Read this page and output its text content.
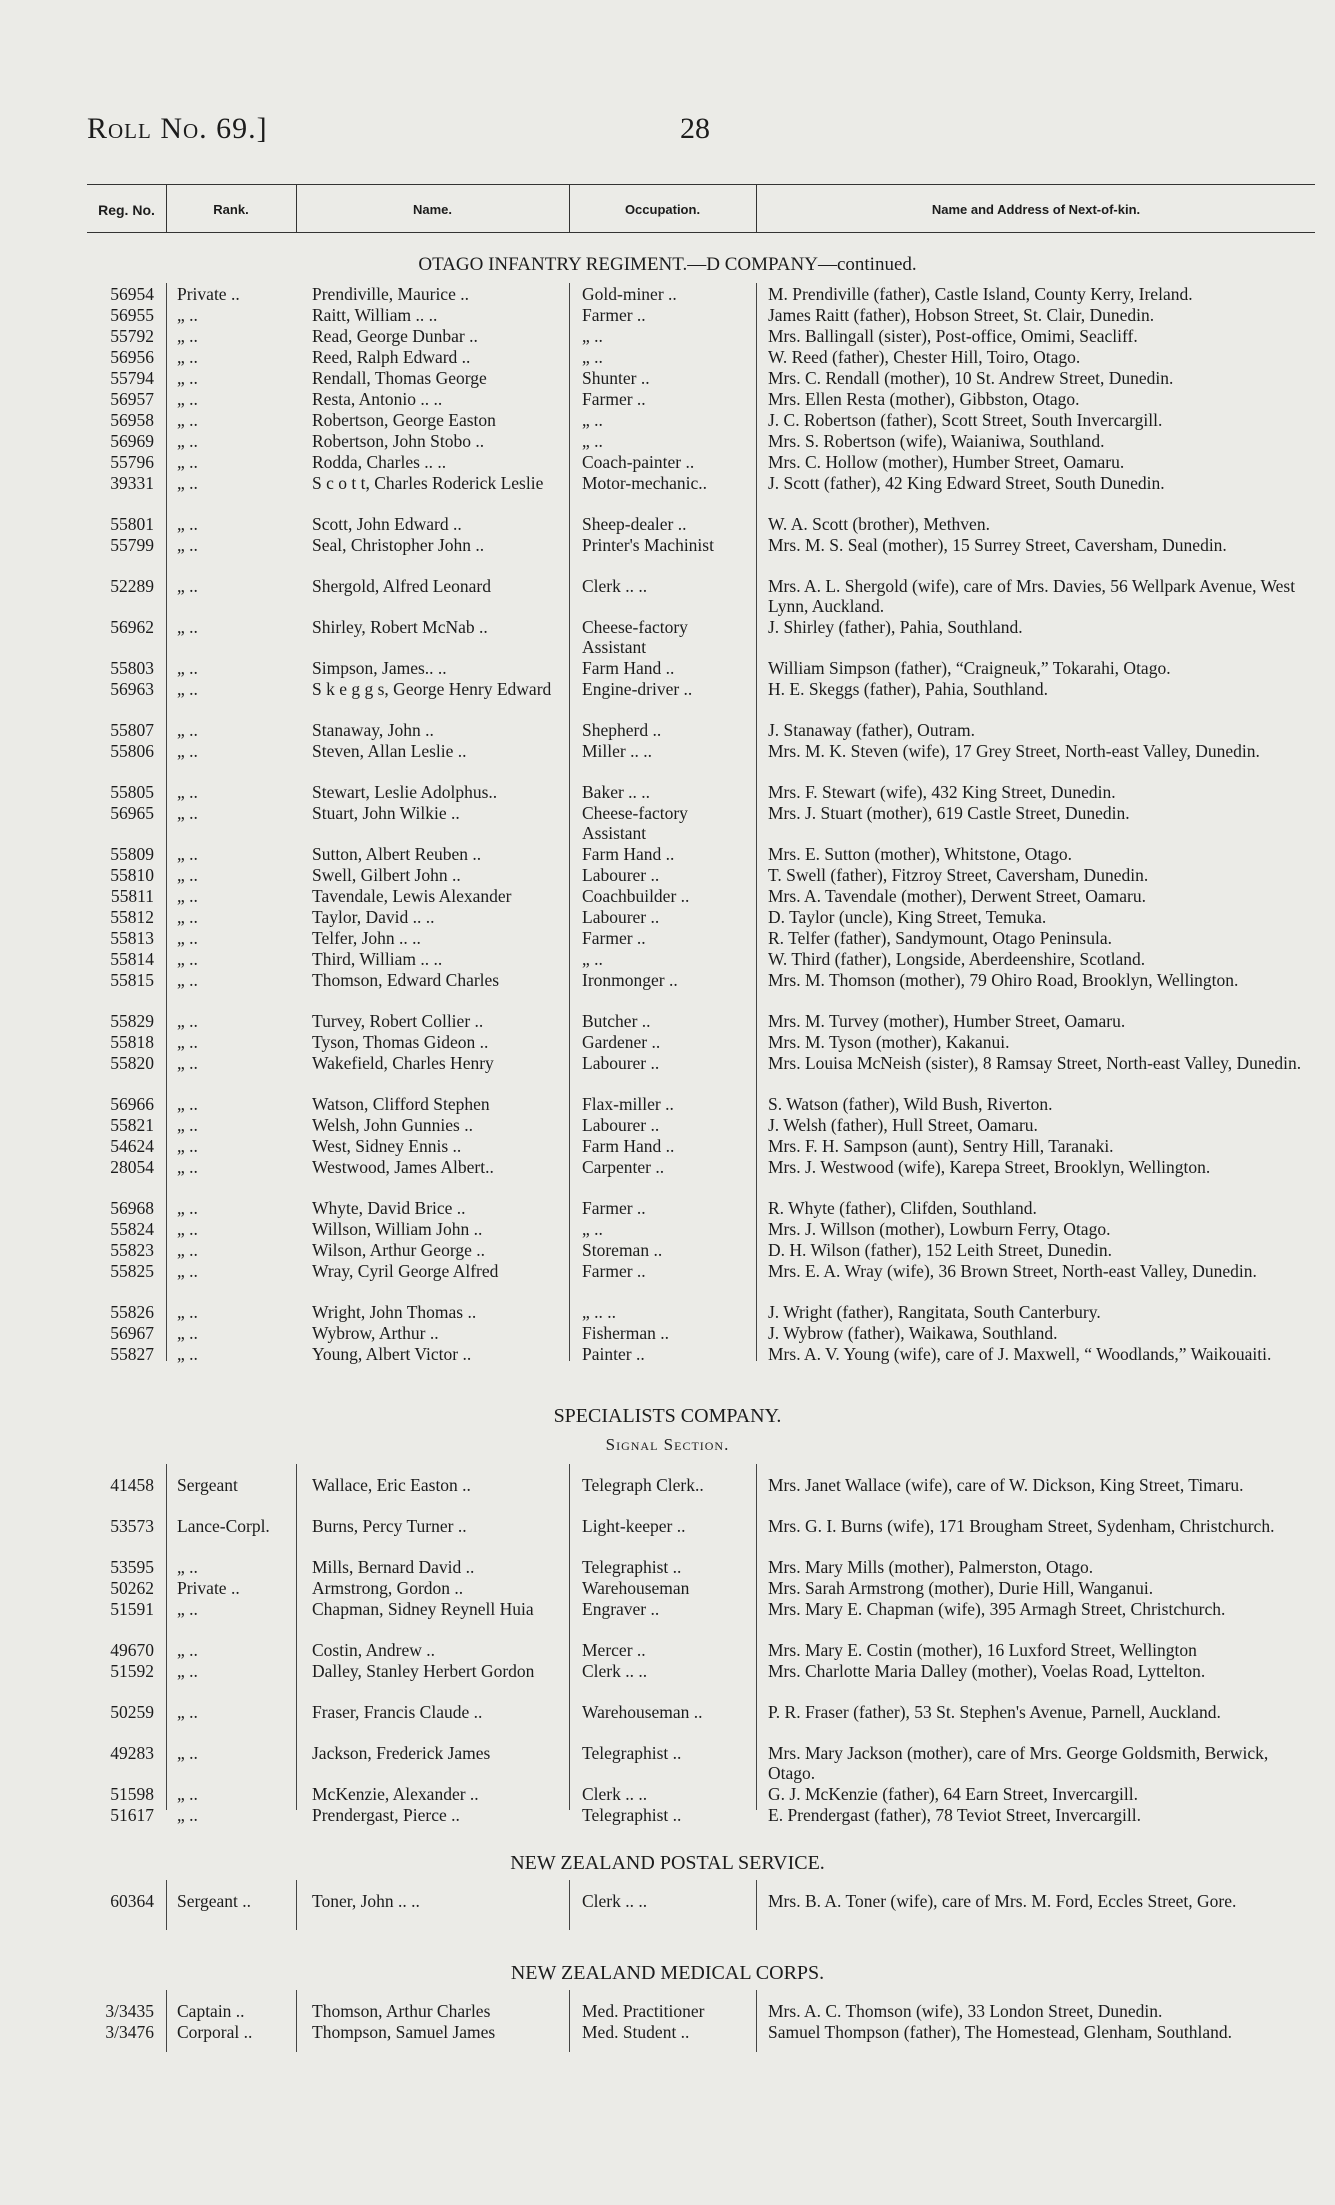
Roll No. 69.]	28
Reg. No.	Rank.	Name.	Occupation.	Name and Address of Next-of-kin.
OTAGO INFANTRY REGIMENT.—D COMPANY—continued.
SPECIALISTS COMPANY.
Signal Section.
NEW ZEALAND POSTAL SERVICE.
NEW ZEALAND MEDICAL CORPS.
56954 Private ..	Prendiville, Maurice ..	Gold-miner ..	M. Prendiville (father), Castle Island, County Kerry, Ireland.
56955 „ ..	Raitt, William .. ..	Farmer ..	James Raitt (father), Hobson Street, St. Clair, Dunedin.
55792 „ ..	Read, George Dunbar ..	„ ..	Mrs. Ballingall (sister), Post-office, Omimi, Seacliff.
56956 „ ..	Reed, Ralph Edward ..	„ ..	W. Reed (father), Chester Hill, Toiro, Otago.
55794 „ ..	Rendall, Thomas George	Shunter ..	Mrs. C. Rendall (mother), 10 St. Andrew Street, Dunedin.
56957 „ ..	Resta, Antonio .. ..	Farmer ..	Mrs. Ellen Resta (mother), Gibbston, Otago.
56958 „ ..	Robertson, George Easton	„ ..	J. C. Robertson (father), Scott Street, South Invercargill.
56969 „ ..	Robertson, John Stobo ..	„ ..	Mrs. S. Robertson (wife), Waianiwa, Southland.
55796 „ ..	Rodda, Charles .. ..	Coach-painter ..	Mrs. C. Hollow (mother), Humber Street, Oamaru.
39331 „ ..	S c o t t, Charles Roderick Leslie	Motor-mechanic..	J. Scott (father), 42 King Edward Street, South Dunedin.
55801 „ ..	Scott, John Edward ..	Sheep-dealer ..	W. A. Scott (brother), Methven.
55799 „ ..	Seal, Christopher John ..	Printer's Machinist	Mrs. M. S. Seal (mother), 15 Surrey Street, Caversham, Dunedin.
52289 „ ..	Shergold, Alfred Leonard	Clerk .. ..	Mrs. A. L. Shergold (wife), care of Mrs. Davies, 56 Wellpark Avenue, West Lynn, Auckland.
56962 „ ..	Shirley, Robert McNab ..	Cheese-factory Assistant
J. Shirley (father), Pahia, Southland.
55803 „ ..	Simpson, James.. ..	Farm Hand ..	William Simpson (father), “Craigneuk,” Tokarahi, Otago.
56963 „ ..	S k e g g s, George Henry Edward	Engine-driver ..	H. E. Skeggs (father), Pahia, Southland.
55807 „ ..	Stanaway, John ..	Shepherd ..	J. Stanaway (father), Outram.
55806 „ ..	Steven, Allan Leslie ..	Miller .. ..	Mrs. M. K. Steven (wife), 17 Grey Street, North-east Valley, Dunedin.
55805 „ ..	Stewart, Leslie Adolphus..	Baker .. ..	Mrs. F. Stewart (wife), 432 King Street, Dunedin.
56965 „ ..	Stuart, John Wilkie ..	Cheese-factory Assistant
Mrs. J. Stuart (mother), 619 Castle Street, Dunedin.
55809 „ ..	Sutton, Albert Reuben ..	Farm Hand ..	Mrs. E. Sutton (mother), Whitstone, Otago.
55810 „ ..	Swell, Gilbert John ..	Labourer ..	T. Swell (father), Fitzroy Street, Caversham, Dunedin.
55811 „ ..	Tavendale, Lewis Alexander	Coachbuilder ..	Mrs. A. Tavendale (mother), Derwent Street, Oamaru.
55812 „ ..	Taylor, David .. ..	Labourer ..	D. Taylor (uncle), King Street, Temuka.
55813 „ ..	Telfer, John .. ..	Farmer ..	R. Telfer (father), Sandymount, Otago Peninsula.
55814 „ ..	Third, William .. ..	„ ..	W. Third (father), Longside, Aberdeenshire, Scotland.
55815 „ ..	Thomson, Edward Charles	Ironmonger ..	Mrs. M. Thomson (mother), 79 Ohiro Road, Brooklyn, Wellington.
55829 „ ..	Turvey, Robert Collier ..	Butcher ..	Mrs. M. Turvey (mother), Humber Street, Oamaru.
55818 „ ..	Tyson, Thomas Gideon ..	Gardener ..	Mrs. M. Tyson (mother), Kakanui.
55820 „ ..	Wakefield, Charles Henry	Labourer ..	Mrs. Louisa McNeish (sister), 8 Ramsay Street, North-east Valley, Dunedin.
56966 „ ..	Watson, Clifford Stephen	Flax-miller ..	S. Watson (father), Wild Bush, Riverton.
55821 „ ..	Welsh, John Gunnies ..	Labourer ..	J. Welsh (father), Hull Street, Oamaru.
54624 „ ..	West, Sidney Ennis ..	Farm Hand ..	Mrs. F. H. Sampson (aunt), Sentry Hill, Taranaki.
28054 „ ..	Westwood, James Albert..	Carpenter ..	Mrs. J. Westwood (wife), Karepa Street, Brooklyn, Wellington.
56968 „ ..	Whyte, David Brice ..	Farmer ..	R. Whyte (father), Clifden, Southland.
55824 „ ..	Willson, William John ..	„ ..	Mrs. J. Willson (mother), Lowburn Ferry, Otago.
55823 „ ..	Wilson, Arthur George ..	Storeman ..	D. H. Wilson (father), 152 Leith Street, Dunedin.
55825 „ ..	Wray, Cyril George Alfred	Farmer ..	Mrs. E. A. Wray (wife), 36 Brown Street, North-east Valley, Dunedin.
55826 „ ..	Wright, John Thomas ..	„ .. ..	J. Wright (father), Rangitata, South Canterbury.
56967 „ ..	Wybrow, Arthur ..	Fisherman ..	J. Wybrow (father), Waikawa, Southland.
55827 „ ..	Young, Albert Victor ..	Painter ..	Mrs. A. V. Young (wife), care of J. Maxwell, “ Woodlands,” Waikouaiti.
41458 Sergeant	Wallace, Eric Easton ..	Telegraph Clerk..	Mrs. Janet Wallace (wife), care of W. Dickson, King Street, Timaru.
53573 Lance-Corpl.	Burns, Percy Turner ..	Light-keeper ..	Mrs. G. I. Burns (wife), 171 Brougham Street, Sydenham, Christchurch.
53595 „ ..	Mills, Bernard David ..	Telegraphist ..	Mrs. Mary Mills (mother), Palmerston, Otago.
50262 Private ..	Armstrong, Gordon ..	Warehouseman	Mrs. Sarah Armstrong (mother), Durie Hill, Wanganui.
51591 „ ..	Chapman, Sidney Reynell Huia	Engraver ..	Mrs. Mary E. Chapman (wife), 395 Armagh Street, Christchurch.
49670 „ ..	Costin, Andrew ..	Mercer ..	Mrs. Mary E. Costin (mother), 16 Luxford Street, Wellington
51592 „ ..	Dalley, Stanley Herbert Gordon	Clerk .. ..	Mrs. Charlotte Maria Dalley (mother), Voelas Road, Lyttelton.
50259 „ ..	Fraser, Francis Claude ..	Warehouseman ..	P. R. Fraser (father), 53 St. Stephen's Avenue, Parnell, Auckland.
49283 „ ..	Jackson, Frederick James	Telegraphist ..	Mrs. Mary Jackson (mother), care of Mrs. George Goldsmith, Berwick, Otago.
51598 „ ..	McKenzie, Alexander ..	Clerk .. ..	G. J. McKenzie (father), 64 Earn Street, Invercargill.
51617 „ ..	Prendergast, Pierce ..	Telegraphist ..	E. Prendergast (father), 78 Teviot Street, Invercargill.
60364 Sergeant ..	Toner, John .. ..	Clerk .. ..	Mrs. B. A. Toner (wife), care of Mrs. M. Ford, Eccles Street, Gore.
3/3435 Captain ..	Thomson, Arthur Charles	Med. Practitioner	Mrs. A. C. Thomson (wife), 33 London Street, Dunedin.
3/3476 Corporal ..	Thompson, Samuel James	Med. Student ..	Samuel Thompson (father), The Homestead, Glenham, Southland.
